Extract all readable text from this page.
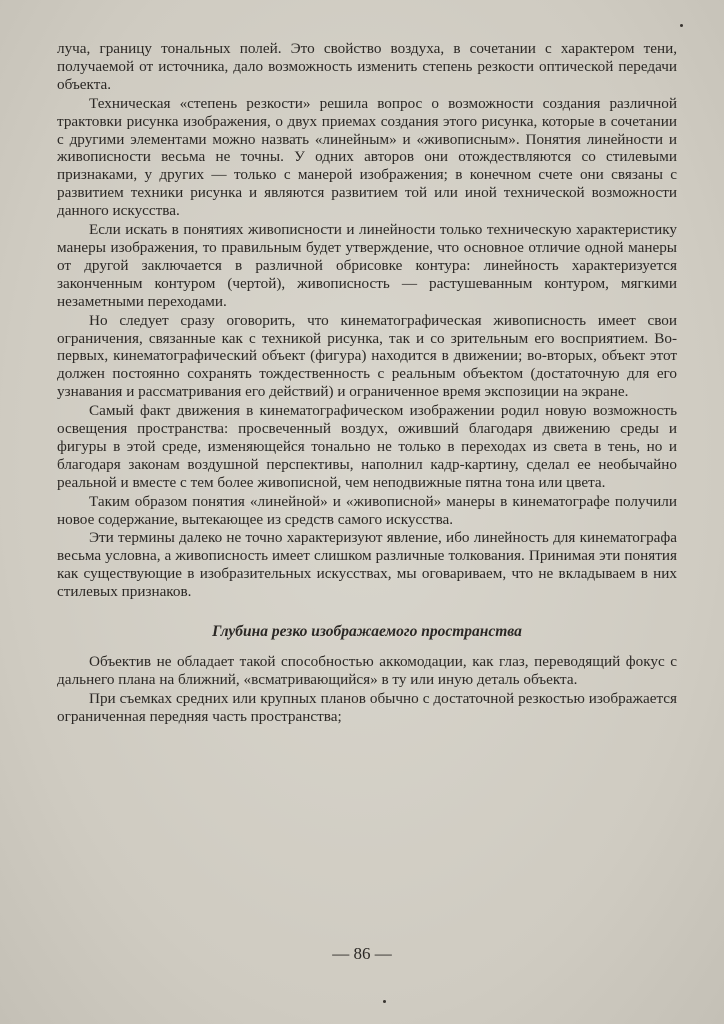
луча, границу тональных полей. Это свойство воздуха, в сочетании с характером тени, получаемой от источника, дало возможность изменить степень резкости оптической передачи объекта.

Техническая «степень резкости» решила вопрос о возможности создания различной трактовки рисунка изображения, о двух приемах создания этого рисунка, которые в сочетании с другими элементами можно назвать «линейным» и «живописным». Понятия линейности и живописности весьма не точны. У одних авторов они отождествляются со стилевыми признаками, у других — только с манерой изображения; в конечном счете они связаны с развитием техники рисунка и являются развитием той или иной технической возможности данного искусства.

Если искать в понятиях живописности и линейности только техническую характеристику манеры изображения, то правильным будет утверждение, что основное отличие одной манеры от другой заключается в различной обрисовке контура: линейность характеризуется законченным контуром (чертой), живописность — растушеванным контуром, мягкими незаметными переходами.

Но следует сразу оговорить, что кинематографическая живописность имеет свои ограничения, связанные как с техникой рисунка, так и со зрительным его восприятием. Во-первых, кинематографический объект (фигура) находится в движении; во-вторых, объект этот должен постоянно сохранять тождественность с реальным объектом (достаточную для его узнавания и рассматривания его действий) и ограниченное время экспозиции на экране.

Самый факт движения в кинематографическом изображении родил новую возможность освещения пространства: просвеченный воздух, оживший благодаря движению среды и фигуры в этой среде, изменяющейся тонально не только в переходах из света в тень, но и благодаря законам воздушной перспективы, наполнил кадр-картину, сделал ее необычайно реальной и вместе с тем более живописной, чем неподвижные пятна тона или цвета.

Таким образом понятия «линейной» и «живописной» манеры в кинематографе получили новое содержание, вытекающее из средств самого искусства.

Эти термины далеко не точно характеризуют явление, ибо линейность для кинематографа весьма условна, а живописность имеет слишком различные толкования. Принимая эти понятия как существующие в изобразительных искусствах, мы оговариваем, что не вкладываем в них стилевых признаков.

Глубина резко изображаемого пространства

Объектив не обладает такой способностью аккомодации, как глаз, переводящий фокус с дальнего плана на ближний, «всматривающийся» в ту или иную деталь объекта.

При съемках средних или крупных планов обычно с достаточной резкостью изображается ограниченная передняя часть пространства;

— 86 —
